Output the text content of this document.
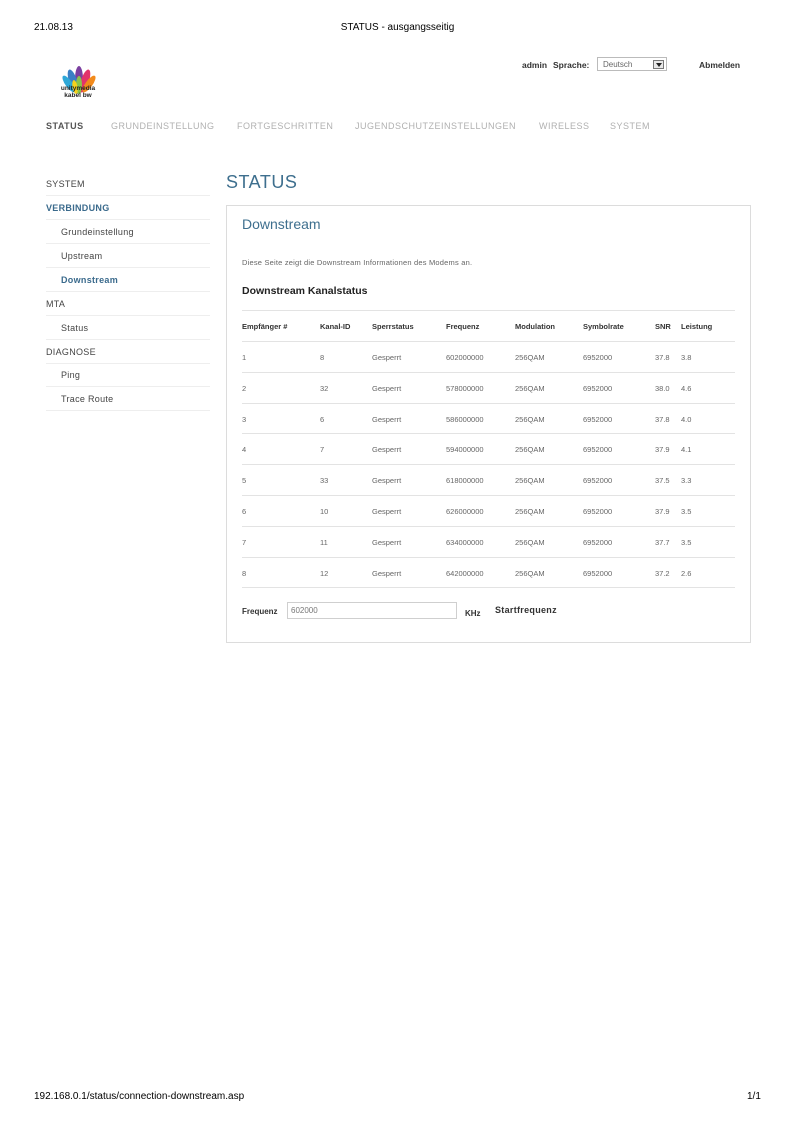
21.08.13	STATUS - ausgangsseitig
unitymedia
kabel bw
admin Sprache: Deutsch	Abmelden
STATUS	GRUNDEINSTELLUNG FORTGESCHRITTEN JUGENDSCHUTZEINSTELLUNGEN	WIRELESS SYSTEM
SYSTEM
VERBINDUNG
Grundeinstellung
Upstream
Downstream
MTA
Status
DIAGNOSE
Ping
Trace Route
STATUS
Downstream
Diese Seite zeigt die Downstream Informationen des Modems an.
Downstream Kanalstatus
Empfänger #	Kanal-ID	Sperrstatus	Frequenz	Modulation	Symbolrate	SNR Leistung
1	8	Gesperrt	602000000	256QAM	6952000	37.8 3.8
2	32	Gesperrt	578000000	256QAM	6952000	38.0 4.6
3	6	Gesperrt	586000000	256QAM	6952000	37.8 4.0
4	7	Gesperrt	594000000	256QAM	6952000	37.9 4.1
5	33	Gesperrt	618000000	256QAM	6952000	37.5 3.3
6	10	Gesperrt	626000000	256QAM	6952000	37.9 3.5
7	11	Gesperrt	634000000	256QAM	6952000	37.7 3.5
8	12	Gesperrt	642000000	256QAM	6952000	37.2 2.6
Frequenz
602000	KHz Startfrequenz
192.168.0.1/status/connection-downstream.asp	1/1
